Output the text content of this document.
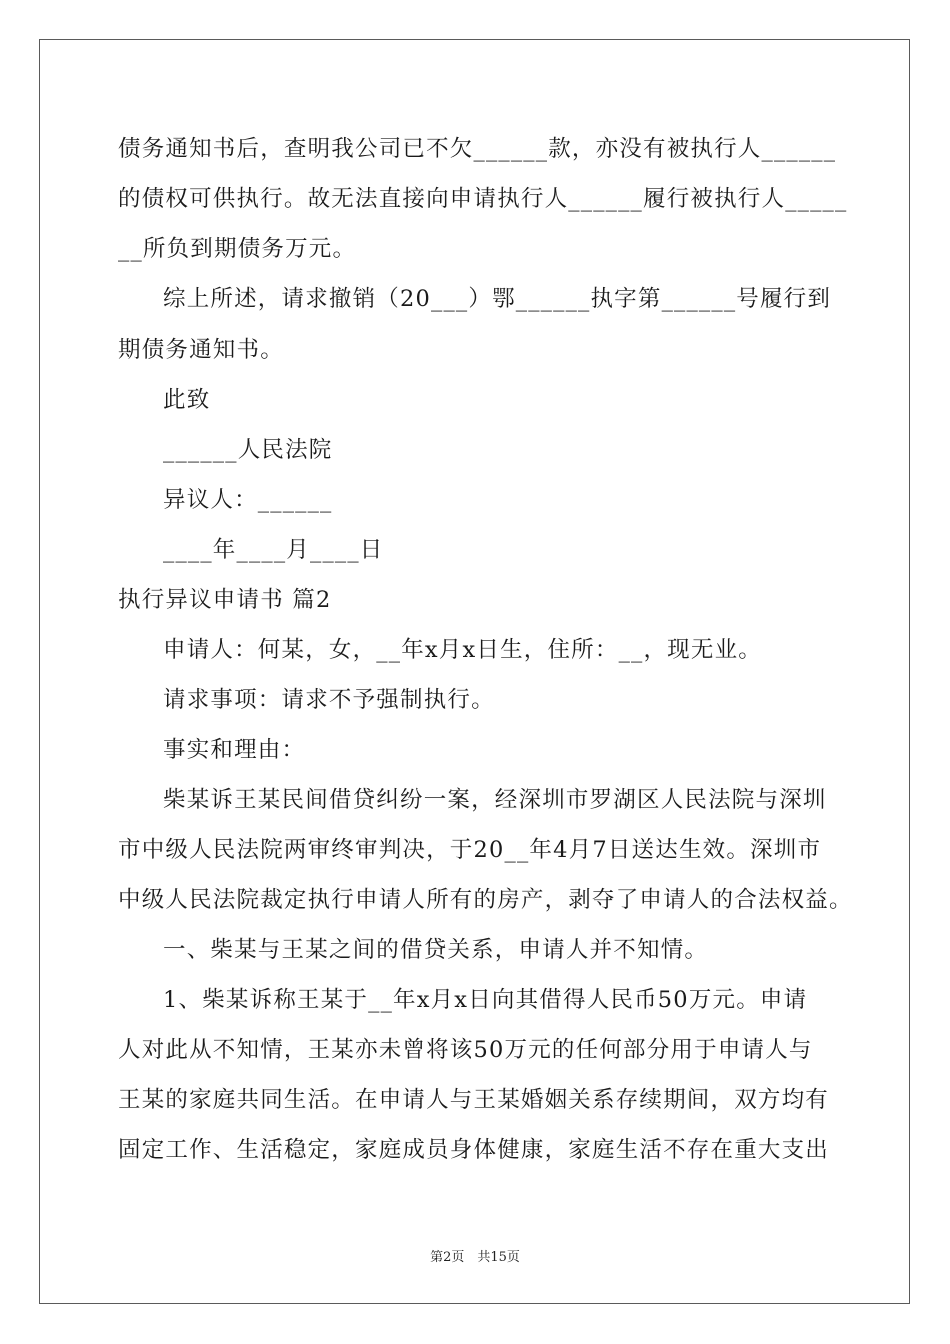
债务通知书后，查明我公司已不欠______款，亦没有被执行人______
的债权可供执行。故无法直接向申请执行人______履行被执行人_____
__所负到期债务万元。
综上所述，请求撤销（20___）鄂______执字第______号履行到
期债务通知书。
此致
______人民法院
异议人：______
____年____月____日
执行异议申请书 篇2
申请人：何某，女，__年x月x日生，住所：__，现无业。
请求事项：请求不予强制执行。
事实和理由：
柴某诉王某民间借贷纠纷一案，经深圳市罗湖区人民法院与深圳
市中级人民法院两审终审判决，于20__年4月7日送达生效。深圳市
中级人民法院裁定执行申请人所有的房产，剥夺了申请人的合法权益。
一、柴某与王某之间的借贷关系，申请人并不知情。
1、柴某诉称王某于__年x月x日向其借得人民币50万元。申请
人对此从不知情，王某亦未曾将该50万元的任何部分用于申请人与
王某的家庭共同生活。在申请人与王某婚姻关系存续期间，双方均有
固定工作、生活稳定，家庭成员身体健康，家庭生活不存在重大支出
第2页　共15页
